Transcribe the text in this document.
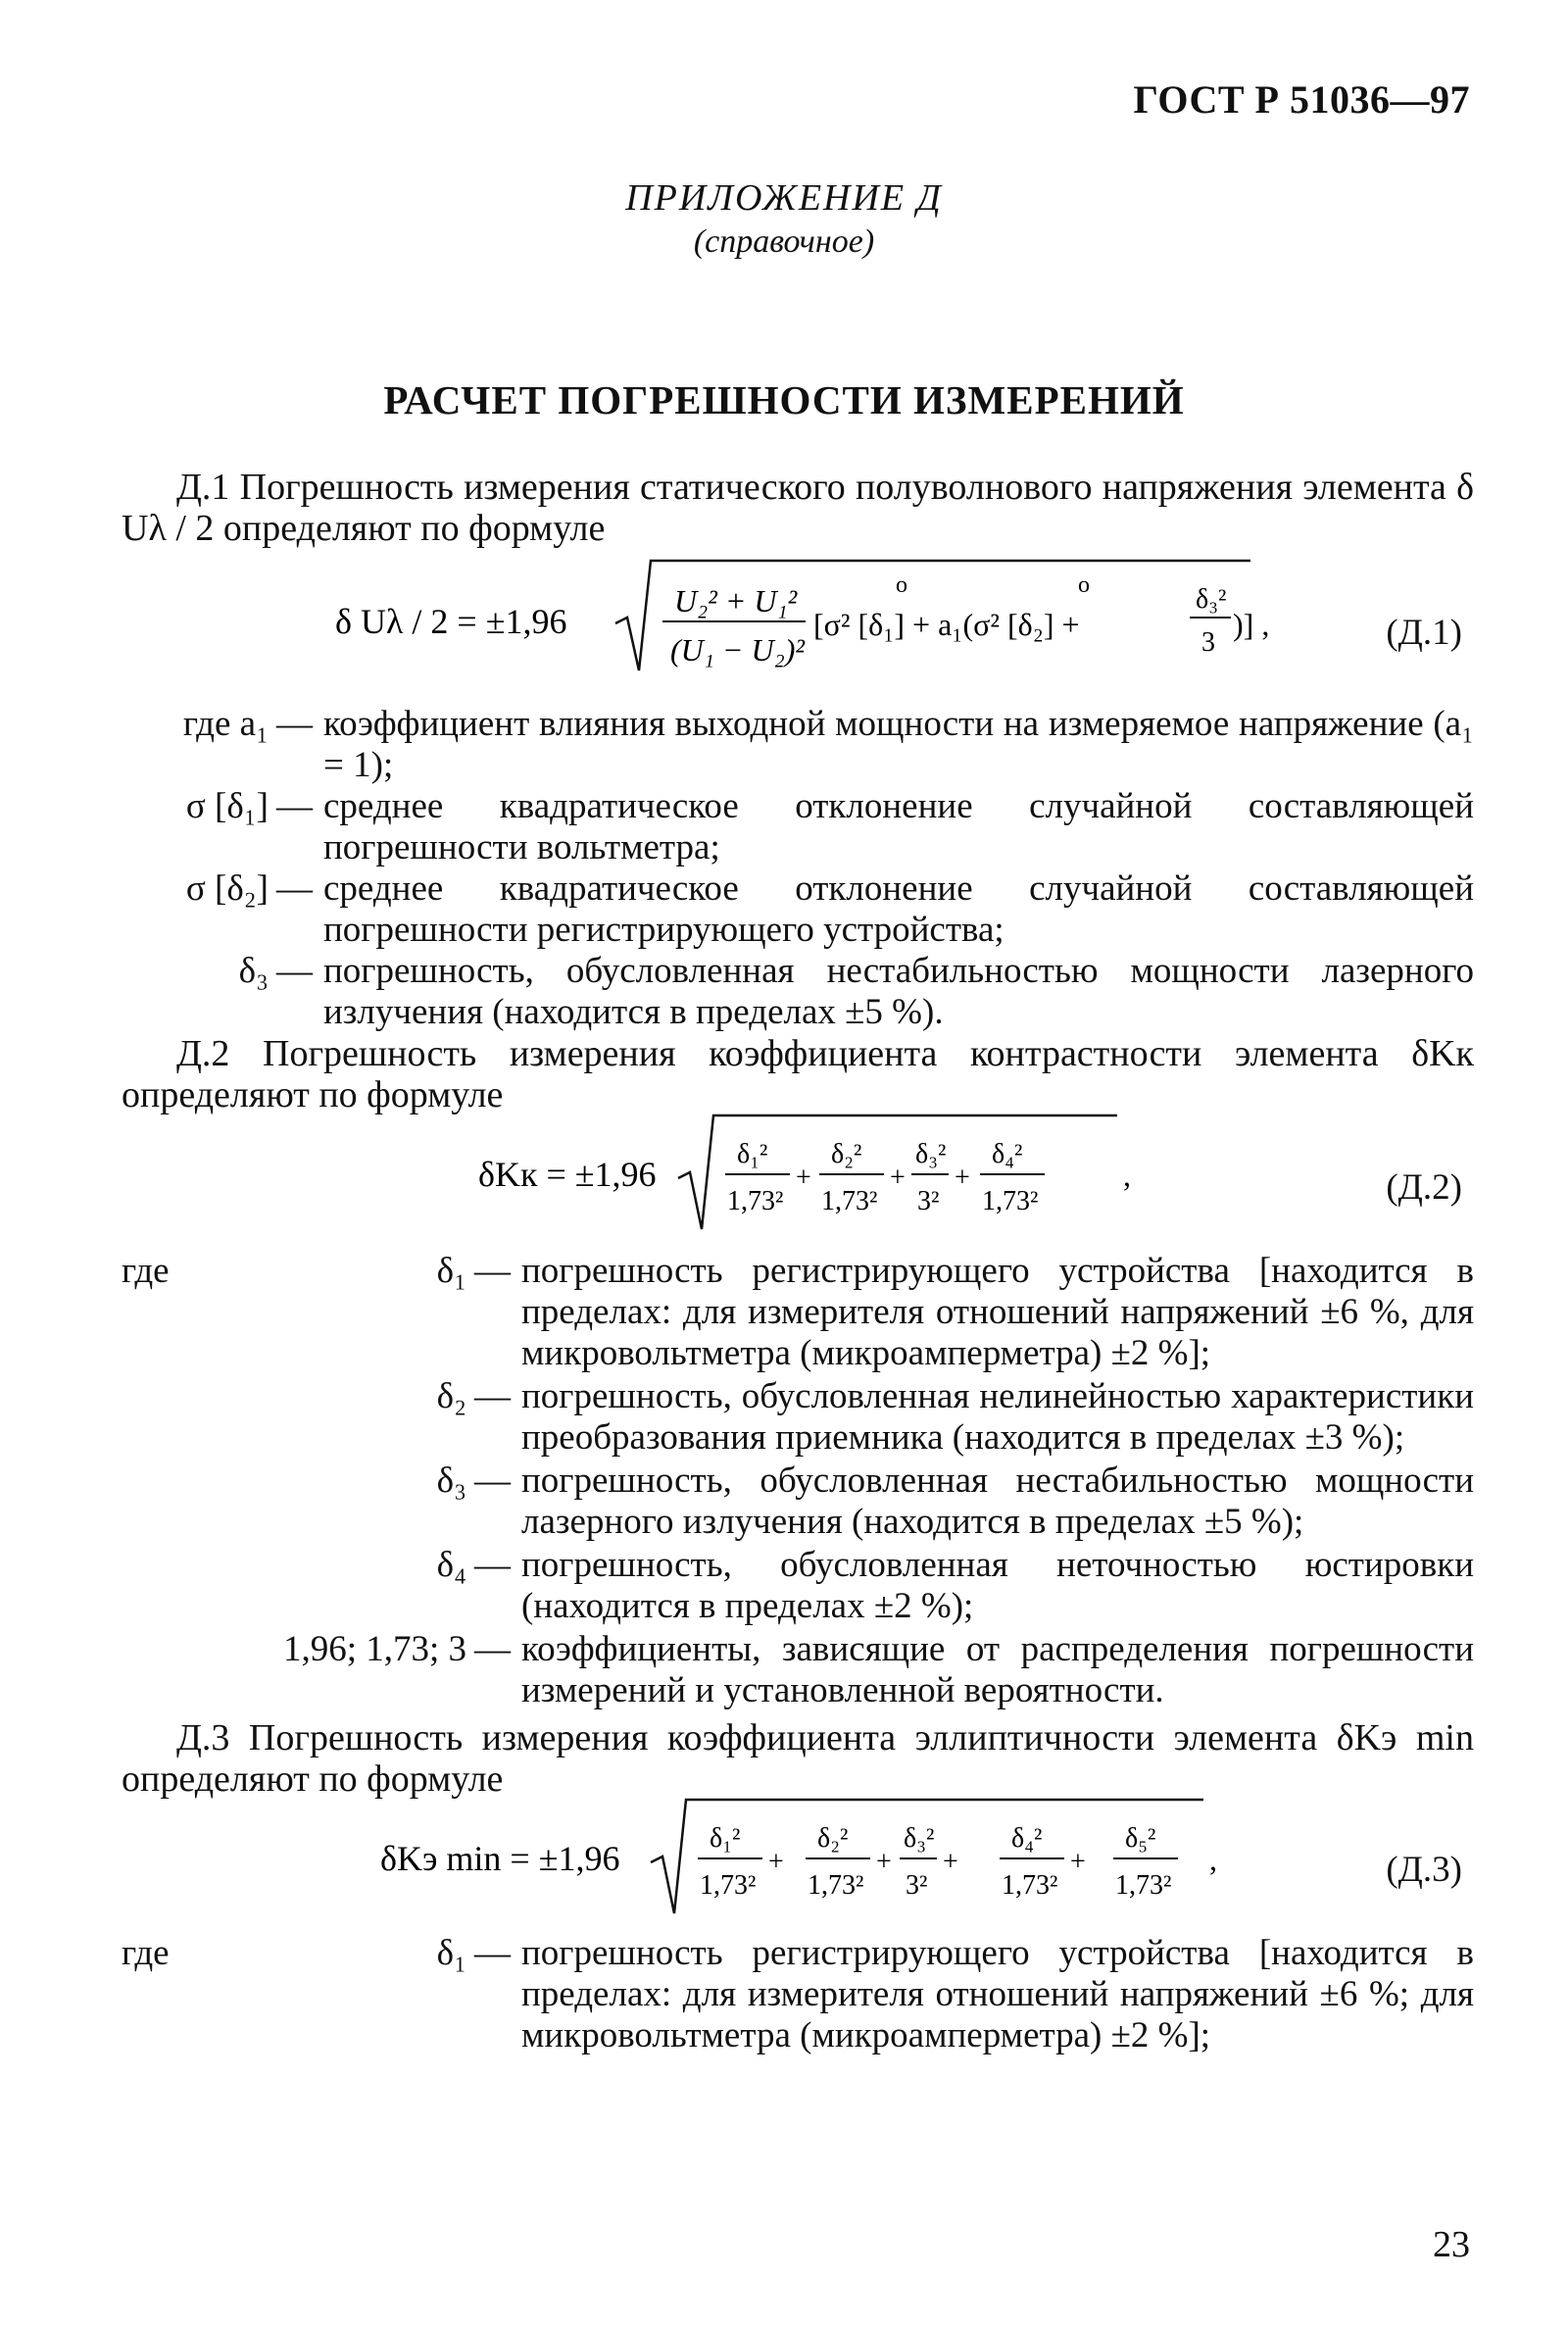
ГОСТ Р 51036—97
ПРИЛОЖЕНИЕ Д
(справочное)
РАСЧЕТ ПОГРЕШНОСТИ ИЗМЕРЕНИЙ
Д.1 Погрешность измерения статического полуволнового напряжения элемента δ Uλ / 2 определяют по формуле
δ Uλ / 2 = ±1,96
U₂² + U₁²
(U₁ − U₂)²
[σ² [δ₁] + a₁(σ² [δ₂] +
o	o	δ₃²
3
)] ,	(Д.1)
где a₁ — коэффициент влияния выходной мощности на измеряемое напряжение (a₁ = 1);
σ [δ₁] — среднее квадратическое отклонение случайной составляющей погрешности вольтметра;
σ [δ₂] — среднее квадратическое отклонение случайной составляющей погрешности регистрирующего устройства;
δ₃ — погрешность, обусловленная нестабильностью мощности лазерного излучения (находится в пределах ±5 %).
Д.2 Погрешность измерения коэффициента контрастности элемента δKк определяют по формуле
δKк = ±1,96
δ₁²
1,73²
+
δ₂²
1,73²
+
δ₃²
3²
+
δ₄²
1,73²
,	(Д.2)
где	δ₁ — погрешность регистрирующего устройства [находится в пределах: для измерителя отношений напряжений ±6 %, для микровольтметра (микроамперметра) ±2 %];
δ₂ — погрешность, обусловленная нелинейностью характеристики преобразования приемника (находится в пределах ±3 %);
δ₃ — погрешность, обусловленная нестабильностью мощности лазерного излучения (находится в пределах ±5 %);
δ₄ — погрешность, обусловленная неточностью юстировки (находится в пределах ±2 %);
1,96; 1,73; 3 — коэффициенты, зависящие от распределения погрешности измерений и установленной вероятности.
Д.3 Погрешность измерения коэффициента эллиптичности элемента δKэ min определяют по формуле
δKэ min = ±1,96
δ₁²
1,73²
+
δ₂²
1,73²
+
δ₃²
3²
+
δ₄²
1,73²
+
δ₅²
1,73²
,	(Д.3)
где	δ₁ — погрешность регистрирующего устройства [находится в пределах: для измерителя отношений напряжений ±6 %; для микровольтметра (микроамперметра) ±2 %];
23
